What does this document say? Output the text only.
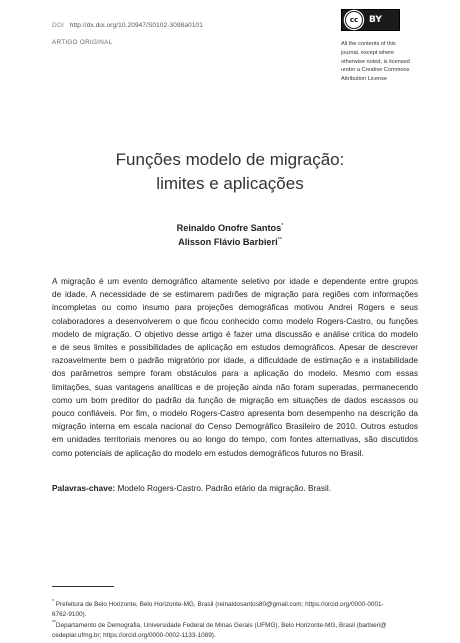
DOI http://dx.doi.org/10.20947/S0102-3098a0101
ARTIGO ORIGINAL
cc	BY
All the contents of this
journal, except where
otherwise noted, is licensed
under a Creative Commons
Attribution License
Funções modelo de migração:
limites e aplicações
Reinaldo Onofre Santos*
Alisson Flávio Barbieri**
A migração é um evento demográfico altamente seletivo por idade e dependente entre grupos
de idade. A necessidade de se estimarem padrões de migração para regiões com informações
incompletas ou como insumo para projeções demográficas motivou Andrei Rogers e seus
colaboradores a desenvolverem o que ficou conhecido como modelo Rogers-Castro, ou funções
modelo de migração. O objetivo desse artigo é fazer uma discussão e análise crítica do modelo
e de seus limites e possibilidades de aplicação em estudos demográficos. Apesar de descrever
razoavelmente bem o padrão migratório por idade, a dificuldade de estimação e a instabilidade
dos parâmetros sempre foram obstáculos para a aplicação do modelo. Mesmo com essas
limitações, suas vantagens analíticas e de projeção ainda não foram superadas, permanecendo
como um bom preditor do padrão da função de migração em situações de dados escassos ou
pouco confiáveis. Por fim, o modelo Rogers-Castro apresenta bom desempenho na descrição da
migração interna em escala nacional do Censo Demográfico Brasileiro de 2010. Outros estudos
em unidades territoriais menores ou ao longo do tempo, com fontes alternativas, são discutidos
como potenciais de aplicação do modelo em estudos demográficos futuros no Brasil.
Palavras-chave: Modelo Rogers-Castro. Padrão etário da migração. Brasil.
* Prefeitura de Belo Horizonte, Belo Horizonte-MG, Brasil (reinaldosantos80@gmail.com; https://orcid.org/0000-0001-
6762-9100).
**Departamento de Demografia, Universidade Federal de Minas Gerais (UFMG), Belo Horizonte-MG, Brasil (barbieri@
cedeplar.ufmg.br; https://orcid.org/0000-0002-1133-1089).
